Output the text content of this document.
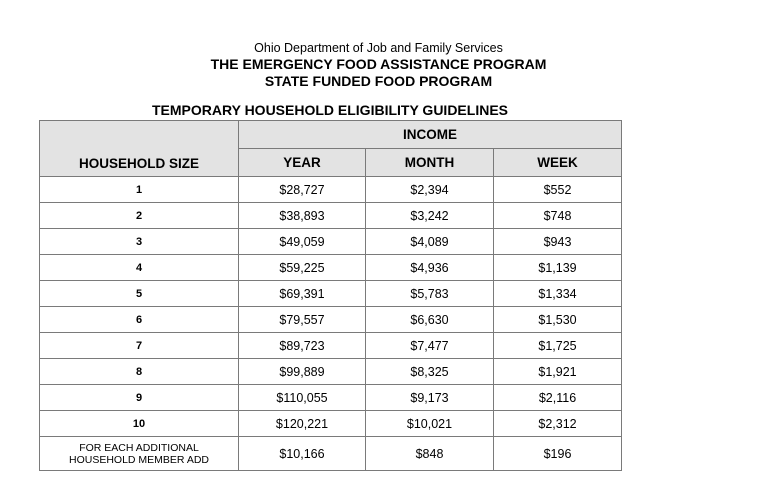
Ohio Department of Job and Family Services
THE EMERGENCY FOOD ASSISTANCE PROGRAM
STATE FUNDED FOOD PROGRAM
TEMPORARY HOUSEHOLD ELIGIBILITY GUIDELINES
HOUSEHOLD SIZE	INCOME		
	YEAR	MONTH	WEEK
1	$28,727	$2,394	$552
2	$38,893	$3,242	$748
3	$49,059	$4,089	$943
4	$59,225	$4,936	$1,139
5	$69,391	$5,783	$1,334
6	$79,557	$6,630	$1,530
7	$89,723	$7,477	$1,725
8	$99,889	$8,325	$1,921
9	$110,055	$9,173	$2,116
10	$120,221	$10,021	$2,312

FOR EACH ADDITIONAL
HOUSEHOLD MEMBER ADD	$10,166	$848	$196
